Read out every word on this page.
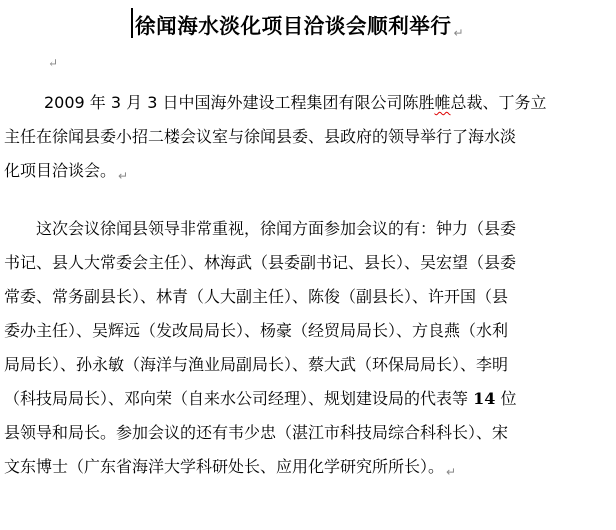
徐闻海水淡化项目洽谈会顺利举行 ↵
↵
2009 年 3 月 3 日中国海外建设工程集团有限公司陈胜帷总裁、丁务立
主任在徐闻县委小招二楼会议室与徐闻县委、县政府的领导举行了海水淡
化项目洽谈会。 $_↵$
这次会议徐闻县领导非常重视，徐闻方面参加会议的有：钟力（县委
书记、县人大常委会主任）、林海武（县委副书记、县长）、吴宏望（县委
常委、常务副县长）、林青（人大副主任）、陈俊（副县长）、许开国（县
委办主任）、吴辉远（发改局局长）、杨豪（经贸局局长）、方良燕（水利
局局长）、孙永敏（海洋与渔业局副局长）、蔡大武（环保局局长）、李明
（科技局局长）、邓向荣（自来水公司经理）、规划建设局的代表等 14 位
县领导和局长。参加会议的还有韦少忠（湛江市科技局综合科科长）、宋
文东博士（广东省海洋大学科研处长、应用化学研究所所长）。 $_↵$
